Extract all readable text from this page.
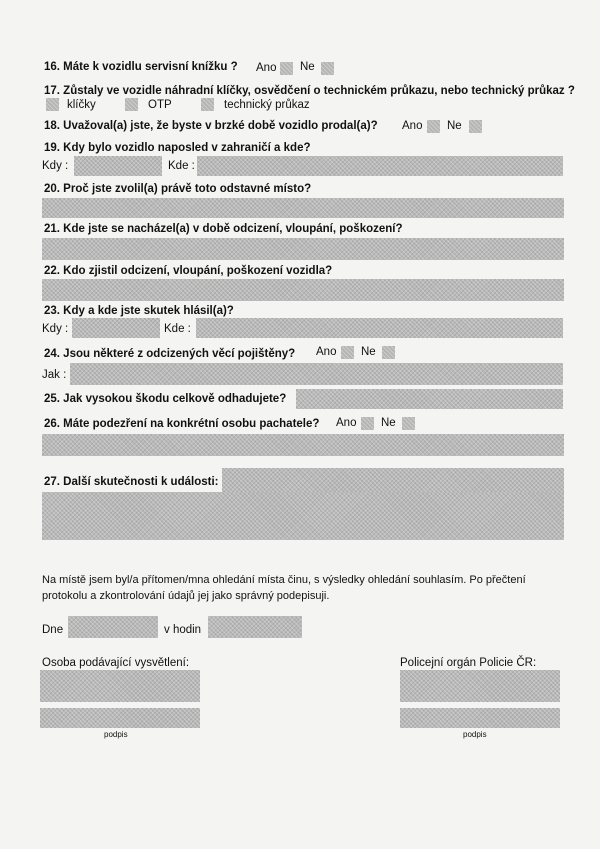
16. Máte k vozidlu servisní knížku ? Ano Ne
17. Zůstaly ve vozidle náhradní klíčky, osvědčení o technickém průkazu, nebo technický průkaz ?
klíčky	OTP	technický průkaz
18. Uvažoval(a) jste, že byste v brzké době vozidlo prodal(a)? Ano Ne
19. Kdy bylo vozidlo naposled v zahraničí a kde?
Kdy :	Kde :
20. Proč jste zvolil(a) právě toto odstavné místo?
21. Kde jste se nacházel(a) v době odcizení, vloupání, poškození?
22. Kdo zjistil odcizení, vloupání, poškození vozidla?
23. Kdy a kde jste skutek hlásil(a)?
Kdy :	Kde :
24. Jsou některé z odcizených věcí pojištěny? Ano Ne
Jak :
25. Jak vysokou škodu celkově odhadujete?
26. Máte podezření na konkrétní osobu pachatele? Ano Ne
27. Další skutečnosti k události:
Na místě jsem byl/a přítomen/mna ohledání místa činu, s výsledky ohledání souhlasím. Po přečtení protokolu a zkontrolování údajů jej jako správný podepisuji.
Dne	v hodin
Osoba podávající vysvětlení:
podpis
Policejní orgán Policie ČR:
podpis
